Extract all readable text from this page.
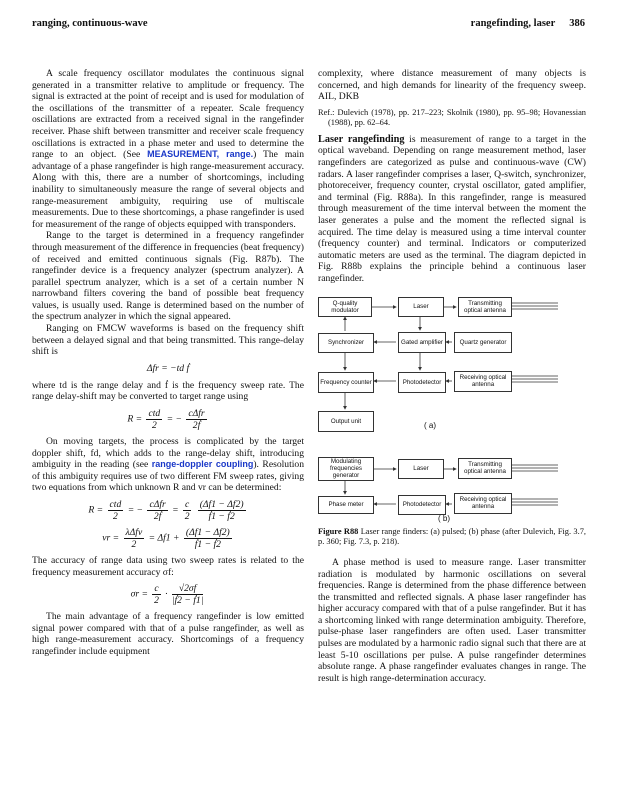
ranging, continuous-wave	rangefinding, laser 386

A scale frequency oscillator modulates the continuous signal generated in a transmitter relative to amplitude or frequency. The signal is extracted at the point of receipt and is used for modulation of the oscillations of the transmitter of a repeater. Scale frequency oscillations are extracted from a received signal in the rangefinder receiver. Phase shift between transmitter and receiver scale frequency oscillations is extracted in a phase meter and used to determine the range to an object. (See MEASUREMENT, range.) The main advantage of a phase rangefinder is high range-measurement accuracy. Along with this, there are a number of shortcomings, including inability to simultaneously measure the range of several objects and range-measurement ambiguity, requiring use of multiscale measurements. Due to these shortcomings, a phase rangefinder is used for measurement of the range of objects equipped with transponders.

Range to the target is determined in a frequency rangefinder through measurement of the difference in frequencies (beat frequency) of received and emitted continuous signals (Fig. R87b). The rangefinder device is a frequency analyzer (spectrum analyzer). A parallel spectrum analyzer, which is a set of a certain number N narrowband filters covering the band of possible beat frequency values, is usually used. Range is determined based on the number of the spectrum analyzer in which the signal appeared.

Ranging on FMCW waveforms is based on the frequency shift between a delayed signal and that being transmitted. This range-delay shift is

Δfr = −td ḟ

where td is the range delay and ḟ is the frequency sweep rate. The range delay-shift may be converted to target range using

$R = \frac{\text{ctd}}{2}$ = − $\frac{\text{cΔfr}}{\text{2ḟ}}$

On moving targets, the process is complicated by the target doppler shift, fd, which adds to the range-delay shift, introducing ambiguity in the reading (see range-doppler coupling). Resolution of this ambiguity requires use of two different FM sweep rates, giving two equations from which unknown R and vr can be determined:

$R = \frac{\text{ctd}}{2}$ = − $\frac{\text{cΔfr}}{\text{2ḟ}} = \frac{c}{2}$
$\frac{(\Delta f1 - \Delta f2)}{\text{ḟ1 − ḟ2}}$
vr = $\frac{\text{λΔfv}}{2} = \Delta f1 + \frac{(\Delta f1 - \Delta f2)}{\text{ḟ1 − ḟ2}}$

The accuracy of range data using two sweep rates is related to the frequency measurement accuracy σf:

$\sigma r = \frac{c}{2} \cdot \frac{√2\sigma f}{\text{|ḟ2 − ḟ1|}}$

The main advantage of a frequency rangefinder is low emitted signal power compared with that of a pulse rangefinder, as well as high range-measurement accuracy. Shortcomings of a frequency rangefinder include equipment

complexity, where distance measurement of many objects is concerned, and high demands for linearity of the frequency sweep. AIL, DKB

Ref.: Dulevich (1978), pp. 217–223; Skolnik (1980), pp. 95–98; Hovanessian (1988), pp. 62–64.

Laser rangefinding is measurement of range to a target in the optical waveband. Depending on range measurement method, laser rangefinders are categorized as pulse and continuous-wave (CW) radars. A laser rangefinder comprises a laser, Q-switch, synchronizer, photoreceiver, frequency counter, crystal oscillator, gated amplifier, and terminal (Fig. R88a). In this rangefinder, range is measured through measurement of the time interval between the moment the laser generates a pulse and the moment the reflected signal is acquired. The time delay is measured using a time interval counter (frequency counter) and terminal. Indicators or computerized automatic meters are used as the terminal. The diagram depicted in Fig. R88b explains the principle behind a continuous laser rangefinder.

Q-quality modulator	Laser	Transmitting optical antenna
Synchronizer	Gated amplifier	Quartz generator
Frequency counter	Photodetector
Receiving optical antenna
Output unit	( a)
Modulating frequencies generator
Laser
Transmitting optical antenna
Phase meter	Photodetector
Receiving optical antenna
( b)
Figure R88 Laser range finders: (a) pulsed; (b) phase (after Dulevich, Fig. 3.7, p. 360; Fig. 7.3, p. 218).

A phase method is used to measure range. Laser transmitter radiation is modulated by harmonic oscillations on several frequencies. Range is determined from the phase difference between the transmitted and reflected signals. A phase laser rangefinder has higher accuracy compared with that of a pulse rangefinder. But it has a shortcoming linked with range determination ambiguity. Therefore, pulse-phase laser rangefinders are often used. Laser transmitter pulses are modulated by a harmonic radio signal such that there are at least 5-10 oscillations per pulse. A pulse rangefinder determines absolute range. A phase rangefinder evaluates changes in range. The result is high range-determination accuracy.
